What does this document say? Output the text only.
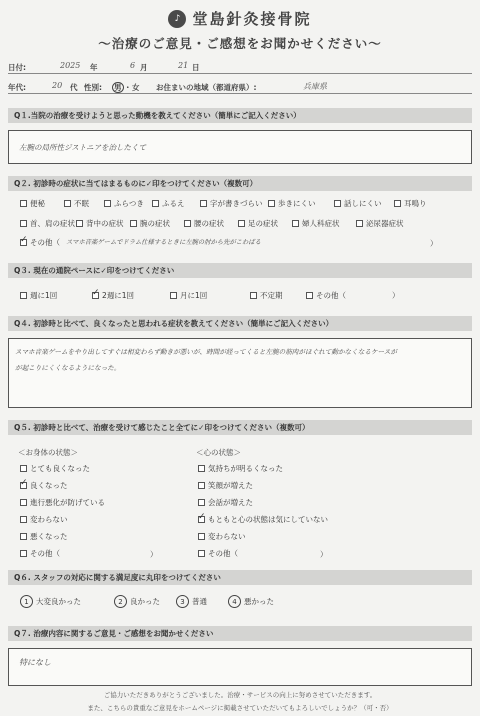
♪ 堂島針灸接骨院
〜治療のご意見・ご感想をお聞かせください〜
日付:	2025 年	6 月	21 日
年代:	20 代 性別: 男 ・ 女 お住まいの地域（都道府県）:	兵庫県
Q１.当院の治療を受けようと思った動機を教えてください（簡単にご記入ください）
左腕の局所性ジストニアを治したくて
Q２. 初診時の症状に当てはまるものに✓印をつけてください（複数可）
便秘	不眠	ふらつき ふるえ	字が書きづらい 歩きにくい	話しにくい	耳鳴り
首、肩の症状 背中の症状 腕の症状	腰の症状	足の症状	婦人科症状	泌尿器症状
✓
その他（ スマホ音楽ゲームでドラム仕様するときに左腕の肘から先がこわばる	）
Q３. 現在の通院ペースに✓印をつけてください
週に1回
✓	2週に1回	月に1回	不定期	その他（	）
Q４. 初診時と比べて、良くなったと思われる症状を教えてください（簡単にご記入ください）
スマホ音楽ゲームをやり出してすぐは相変わらず動きが悪いが、時間が経ってくると左腕の筋肉がほぐれて動かなくなるケースが
が起こりにくくなるようになった。
Q５. 初診時と比べて、治療を受けて感じたこと全てに✓印をつけてください（複数可）
＜お身体の状態＞	＜心の状態＞
とても良くなった
✓
良くなった
進行悪化が防げている
変わらない
悪くなった
その他（
気持ちが明るくなった
笑顔が増えた
会話が増えた
✓
もともと心の状態は気にしていない
変わらない
その他（
）	）
Q６. スタッフの対応に関する満足度に丸印をつけてください
1 大変良かった	2 良かった	3 普通	4 悪かった
Q７. 治療内容に関するご意見・ご感想をお聞かせください
特になし
ご協力いただきありがとうございました。治療・サービスの向上に努めさせていただきます。
また、こちらの貴重なご意見をホームページに掲載させていただいてもよろしいでしょうか？（可・否）
